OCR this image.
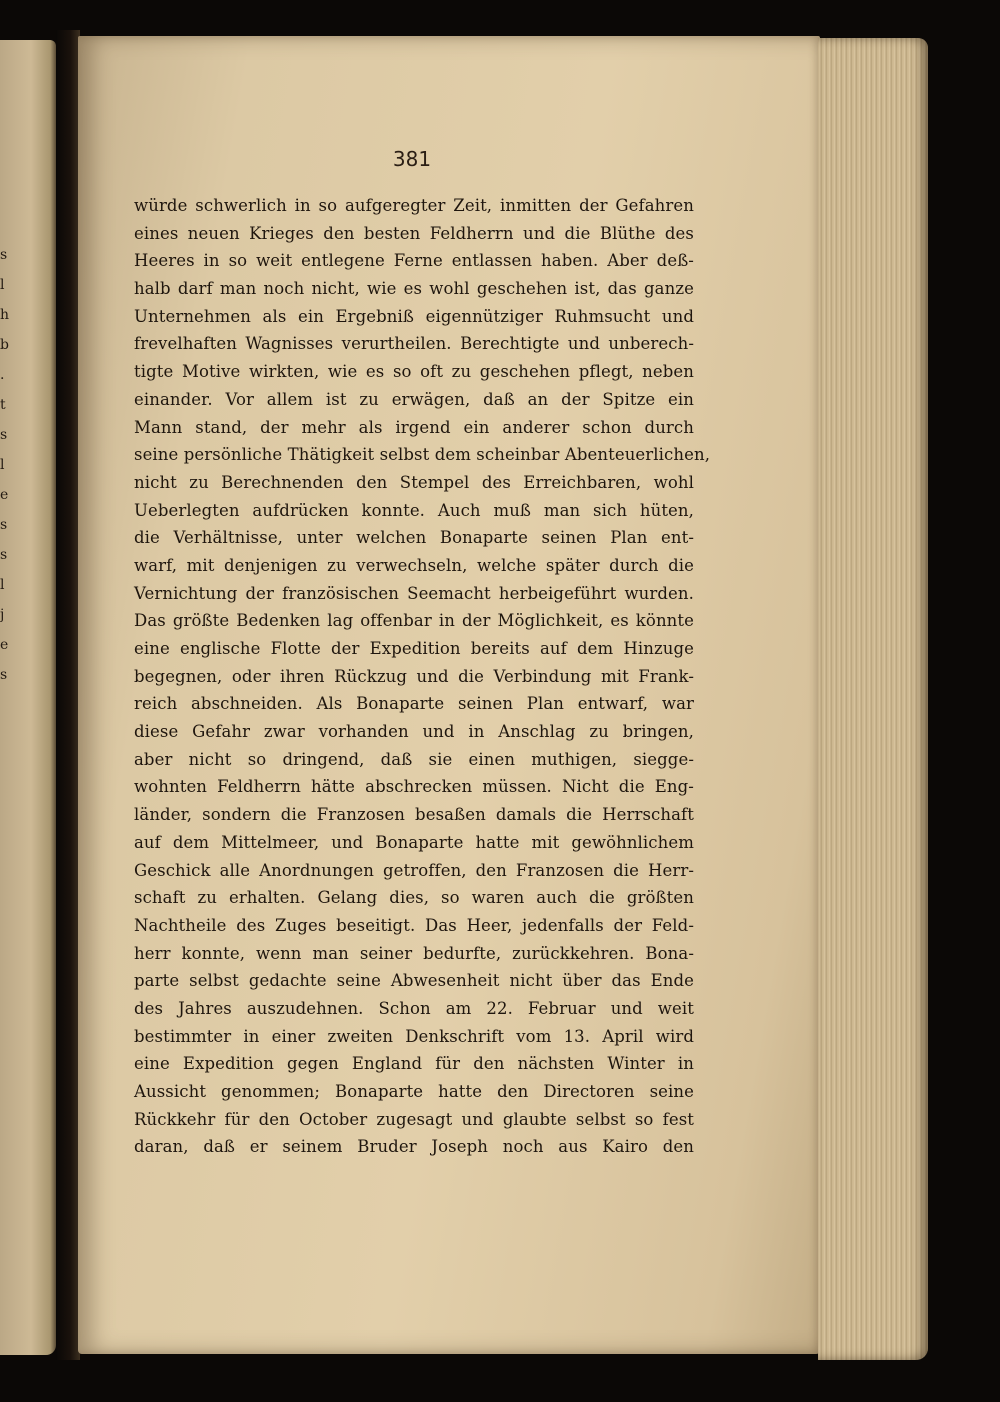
s
l
h
b
.
t
s
l
e
s
s
l
j
e
s

381

würde schwerlich in so aufgeregter Zeit, inmitten der Gefahren
eines neuen Krieges den besten Feldherrn und die Blüthe des
Heeres in so weit entlegene Ferne entlassen haben. Aber deß-
halb darf man noch nicht, wie es wohl geschehen ist, das ganze
Unternehmen als ein Ergebniß eigennütziger Ruhmsucht und
frevelhaften Wagnisses verurtheilen. Berechtigte und unberech-
tigte Motive wirkten, wie es so oft zu geschehen pflegt, neben
einander. Vor allem ist zu erwägen, daß an der Spitze ein
Mann stand, der mehr als irgend ein anderer schon durch
seine persönliche Thätigkeit selbst dem scheinbar Abenteuerlichen,
nicht zu Berechnenden den Stempel des Erreichbaren, wohl
Ueberlegten aufdrücken konnte. Auch muß man sich hüten,
die Verhältnisse, unter welchen Bonaparte seinen Plan ent-
warf, mit denjenigen zu verwechseln, welche später durch die
Vernichtung der französischen Seemacht herbeigeführt wurden.
Das größte Bedenken lag offenbar in der Möglichkeit, es könnte
eine englische Flotte der Expedition bereits auf dem Hinzuge
begegnen, oder ihren Rückzug und die Verbindung mit Frank-
reich abschneiden. Als Bonaparte seinen Plan entwarf, war
diese Gefahr zwar vorhanden und in Anschlag zu bringen,
aber nicht so dringend, daß sie einen muthigen, siegge-
wohnten Feldherrn hätte abschrecken müssen. Nicht die Eng-
länder, sondern die Franzosen besaßen damals die Herrschaft
auf dem Mittelmeer, und Bonaparte hatte mit gewöhnlichem
Geschick alle Anordnungen getroffen, den Franzosen die Herr-
schaft zu erhalten. Gelang dies, so waren auch die größten
Nachtheile des Zuges beseitigt. Das Heer, jedenfalls der Feld-
herr konnte, wenn man seiner bedurfte, zurückkehren. Bona-
parte selbst gedachte seine Abwesenheit nicht über das Ende
des Jahres auszudehnen. Schon am 22. Februar und weit
bestimmter in einer zweiten Denkschrift vom 13. April wird
eine Expedition gegen England für den nächsten Winter in
Aussicht genommen; Bonaparte hatte den Directoren seine
Rückkehr für den October zugesagt und glaubte selbst so fest
daran, daß er seinem Bruder Joseph noch aus Kairo den
